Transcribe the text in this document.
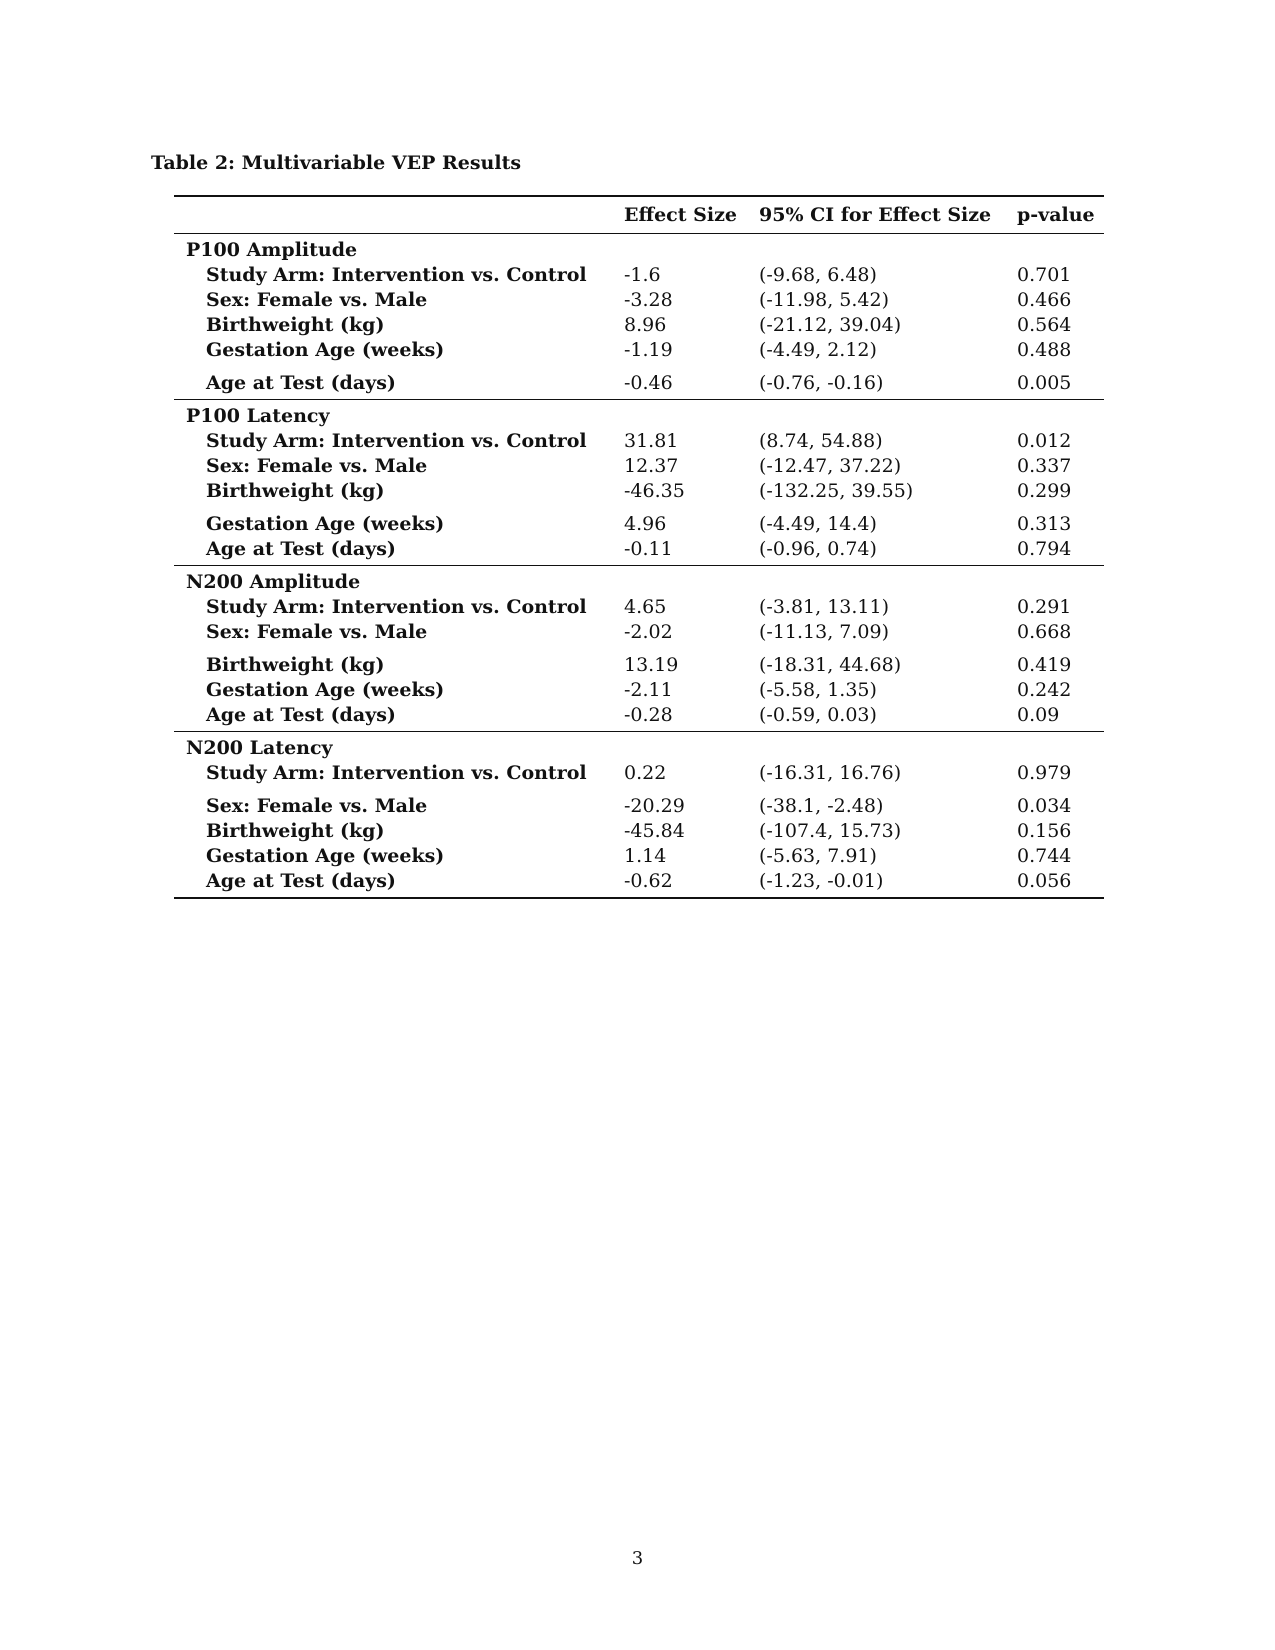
Table 2: Multivariable VEP Results
	Effect Size	95% CI for Effect Size	p-value
P100 Amplitude			
Study Arm: Intervention vs. Control	-1.6	(-9.68, 6.48)	0.701
Sex: Female vs. Male	-3.28	(-11.98, 5.42)	0.466
Birthweight (kg)	8.96	(-21.12, 39.04)	0.564
Gestation Age (weeks)	-1.19	(-4.49, 2.12)	0.488
Age at Test (days)	-0.46	(-0.76, -0.16)	0.005
P100 Latency			
Study Arm: Intervention vs. Control	31.81	(8.74, 54.88)	0.012
Sex: Female vs. Male	12.37	(-12.47, 37.22)	0.337
Birthweight (kg)	-46.35	(-132.25, 39.55)	0.299
Gestation Age (weeks)	4.96	(-4.49, 14.4)	0.313
Age at Test (days)	-0.11	(-0.96, 0.74)	0.794
N200 Amplitude			
Study Arm: Intervention vs. Control	4.65	(-3.81, 13.11)	0.291
Sex: Female vs. Male	-2.02	(-11.13, 7.09)	0.668
Birthweight (kg)	13.19	(-18.31, 44.68)	0.419
Gestation Age (weeks)	-2.11	(-5.58, 1.35)	0.242
Age at Test (days)	-0.28	(-0.59, 0.03)	0.09
N200 Latency			
Study Arm: Intervention vs. Control	0.22	(-16.31, 16.76)	0.979
Sex: Female vs. Male	-20.29	(-38.1, -2.48)	0.034
Birthweight (kg)	-45.84	(-107.4, 15.73)	0.156
Gestation Age (weeks)	1.14	(-5.63, 7.91)	0.744
Age at Test (days)	-0.62	(-1.23, -0.01)	0.056
3
